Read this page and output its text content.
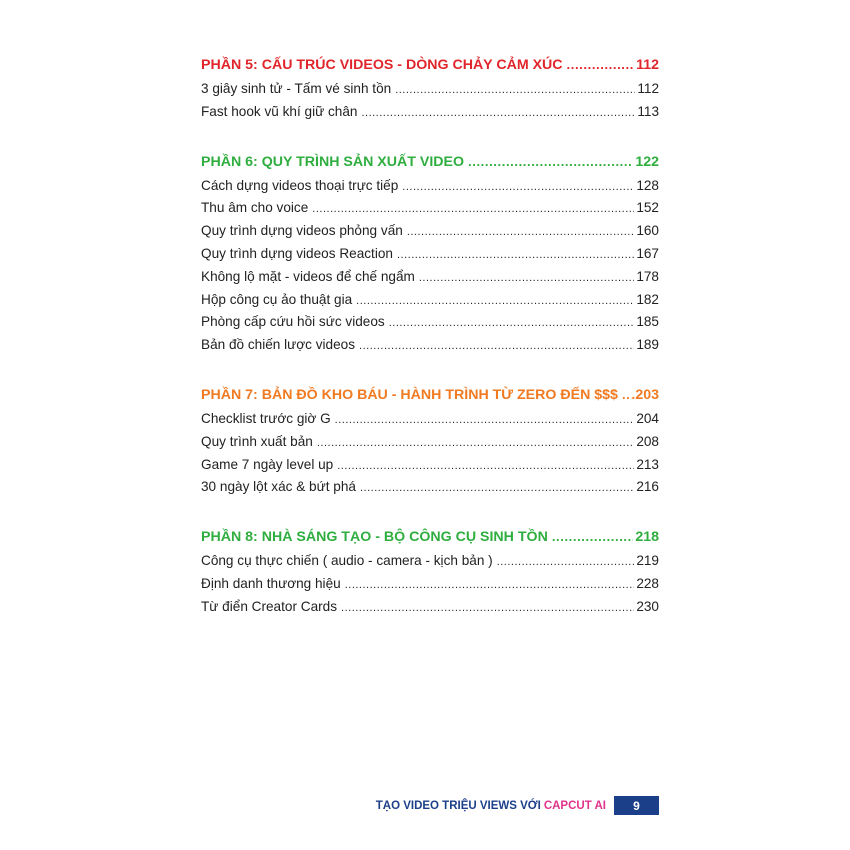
PHẦN 5: CẤU TRÚC VIDEOS - DÒNG CHẢY CẢM XÚC .....	112
3 giây sinh tử - Tấm vé sinh tồn .....	112
Fast hook vũ khí giữ chân .....	113
PHẦN 6: QUY TRÌNH SẢN XUẤT VIDEO .....	122
Cách dựng videos thoại trực tiếp .....	128
Thu âm cho voice .....	152
Quy trình dựng videos phỏng vấn .....	160
Quy trình dựng videos Reaction .....	167
Không lộ mặt - videos để chế ngẩm .....	178
Hộp công cụ ảo thuật gia .....	182
Phòng cấp cứu hồi sức videos .....	185
Bản đồ chiến lược videos .....	189
PHẦN 7: BẢN ĐỒ KHO BÁU - HÀNH TRÌNH TỪ ZERO ĐẾN $$$ ..... .203
Checklist trước giờ G .....	204
Quy trình xuất bản .....	208
Game 7 ngày level up .....	213
30 ngày lột xác & bứt phá .....	216
PHẦN 8: NHÀ SÁNG TẠO - BỘ CÔNG CỤ SINH TỒN .....	218
Công cụ thực chiến ( audio - camera - kịch bản ) .....	219
Định danh thương hiệu .....	228
Từ điển Creator Cards .....	230
TẠO VIDEO TRIỆU VIEWS VỚI CAPCUT AI 9
